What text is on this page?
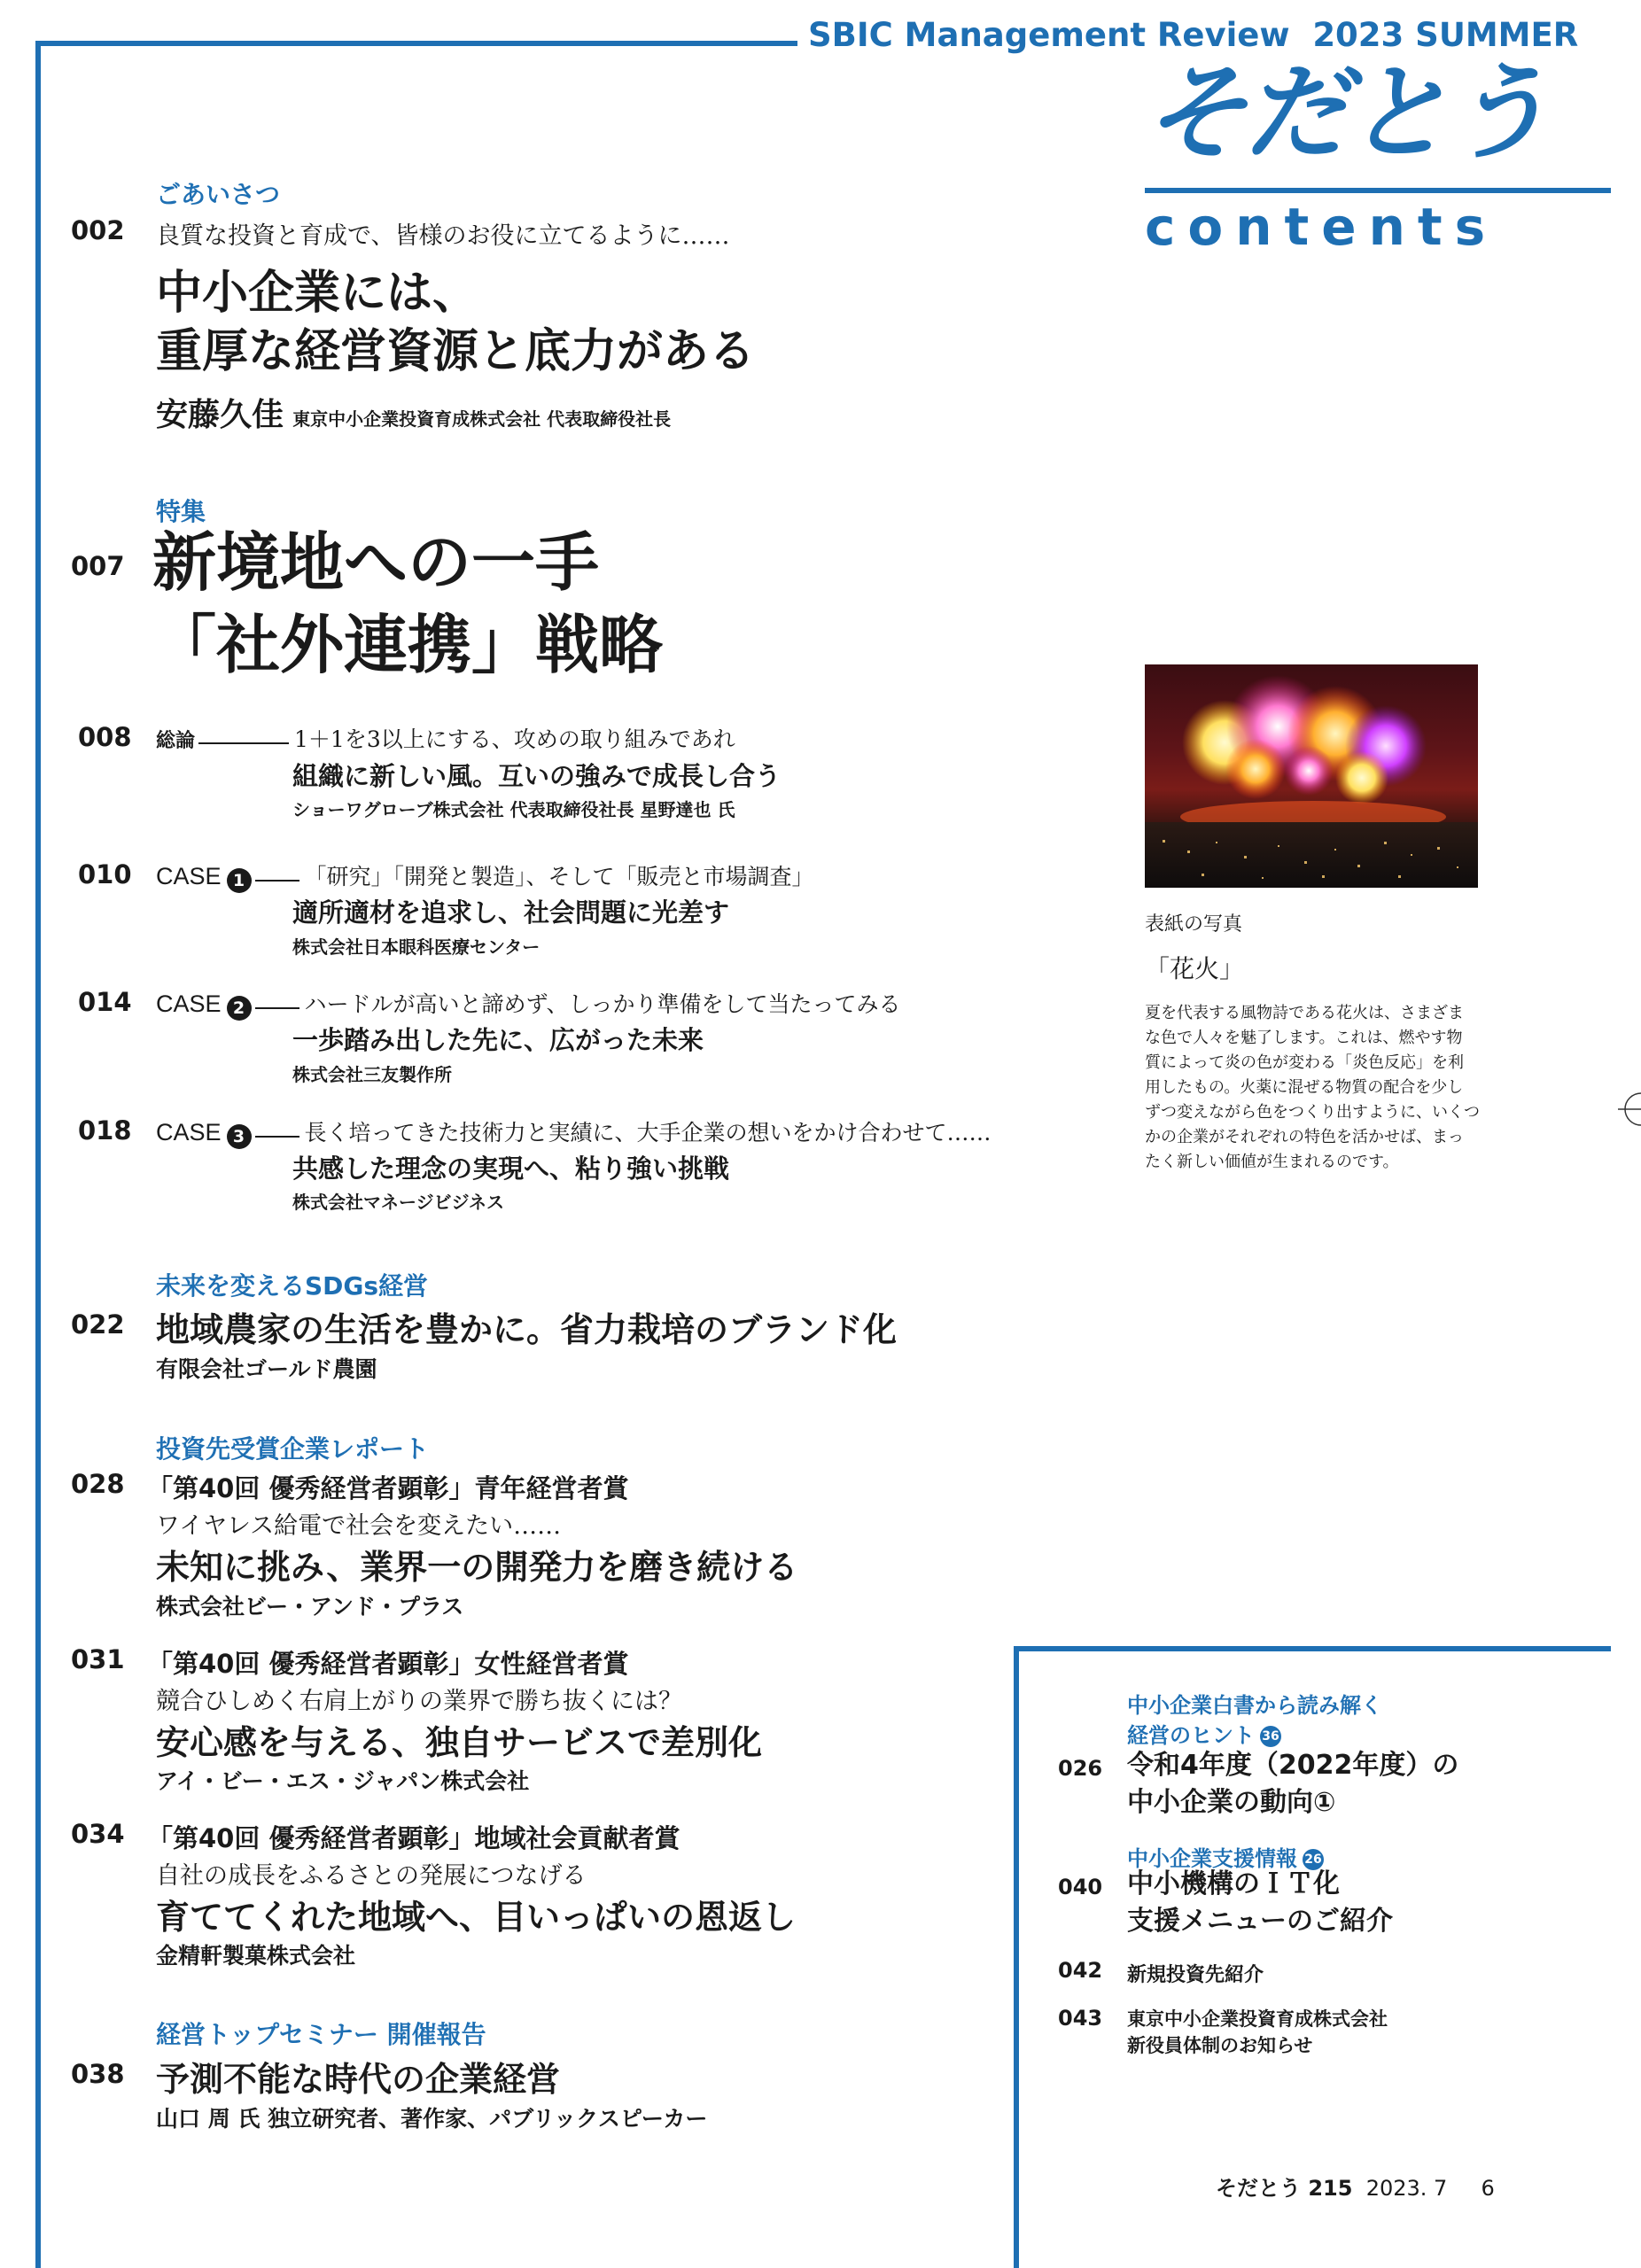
SBIC Management Review 2023 SUMMER
そだとう
contents
ごあいさつ
002 良質な投資と育成で、皆様のお役に立てるように……
中小企業には、
重厚な経営資源と底力がある
安藤久佳 東京中小企業投資育成株式会社 代表取締役社長
特集
007 新境地への一手
「社外連携」戦略
008 総論	1＋1を3以上にする、攻めの取り組みであれ
組織に新しい風。互いの強みで成長し合う
ショーワグローブ株式会社 代表取締役社長 星野達也 氏
010 CASE 1	「研究」「開発と製造」、そして「販売と市場調査」
適所適材を追求し、社会問題に光差す
株式会社日本眼科医療センター
014 CASE 2	ハードルが高いと諦めず、しっかり準備をして当たってみる
一歩踏み出した先に、広がった未来
株式会社三友製作所
018 CASE 3	長く培ってきた技術力と実績に、大手企業の想いをかけ合わせて……
共感した理念の実現へ、粘り強い挑戦
株式会社マネージビジネス
未来を変えるSDGs経営
022 地域農家の生活を豊かに。省力栽培のブランド化
有限会社ゴールド農園
投資先受賞企業レポート
028 「第40回 優秀経営者顕彰」青年経営者賞
ワイヤレス給電で社会を変えたい……
未知に挑み、業界一の開発力を磨き続ける
株式会社ビー・アンド・プラス
031 「第40回 優秀経営者顕彰」女性経営者賞
競合ひしめく右肩上がりの業界で勝ち抜くには？
安心感を与える、独自サービスで差別化
アイ・ビー・エス・ジャパン株式会社
034 「第40回 優秀経営者顕彰」地域社会貢献者賞
自社の成長をふるさとの発展につなげる
育ててくれた地域へ、目いっぱいの恩返し
金精軒製菓株式会社
経営トップセミナー 開催報告
038 予測不能な時代の企業経営
山口 周 氏 独立研究者、著作家、パブリックスピーカー
表紙の写真
「花火」
夏を代表する風物詩である花火は、さまざま
な色で人々を魅了します。これは、燃やす物
質によって炎の色が変わる「炎色反応」を利
用したもの。火薬に混ぜる物質の配合を少し
ずつ変えながら色をつくり出すように、いくつ
かの企業がそれぞれの特色を活かせば、まっ
たく新しい価値が生まれるのです。
中小企業白書から読み解く
経営のヒント 36
026 令和4年度（2022年度）の
中小企業の動向①
中小企業支援情報 26
040 中小機構のＩＴ化
支援メニューのご紹介
042 新規投資先紹介
043 東京中小企業投資育成株式会社
新役員体制のお知らせ
そだとう 215 2023. 7 6
